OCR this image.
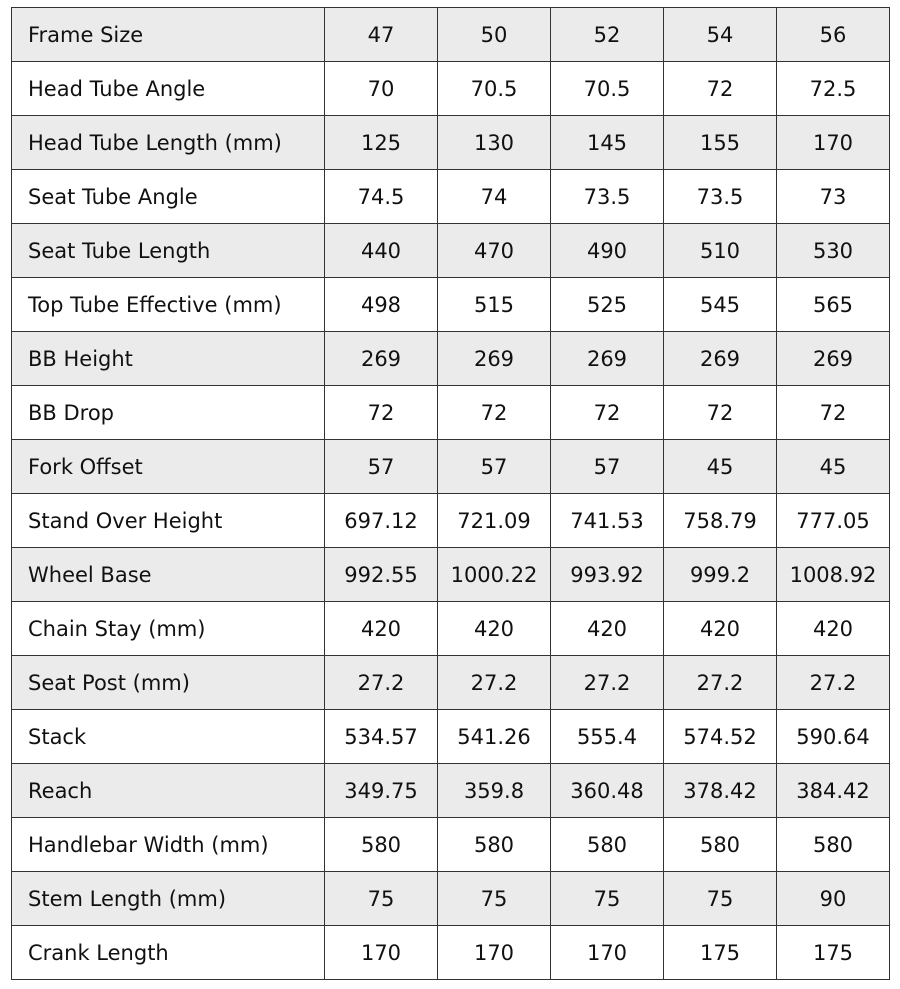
Frame Size	47	50	52	54	56
Head Tube Angle	70	70.5	70.5	72	72.5
Head Tube Length (mm)	125	130	145	155	170
Seat Tube Angle	74.5	74	73.5	73.5	73
Seat Tube Length	440	470	490	510	530
Top Tube Effective (mm)	498	515	525	545	565
BB Height	269	269	269	269	269
BB Drop	72	72	72	72	72
Fork Offset	57	57	57	45	45
Stand Over Height	697.12	721.09	741.53	758.79	777.05
Wheel Base	992.55	1000.22	993.92	999.2	1008.92
Chain Stay (mm)	420	420	420	420	420
Seat Post (mm)	27.2	27.2	27.2	27.2	27.2
Stack	534.57	541.26	555.4	574.52	590.64
Reach	349.75	359.8	360.48	378.42	384.42
Handlebar Width (mm)	580	580	580	580	580
Stem Length (mm)	75	75	75	75	90
Crank Length	170	170	170	175	175
